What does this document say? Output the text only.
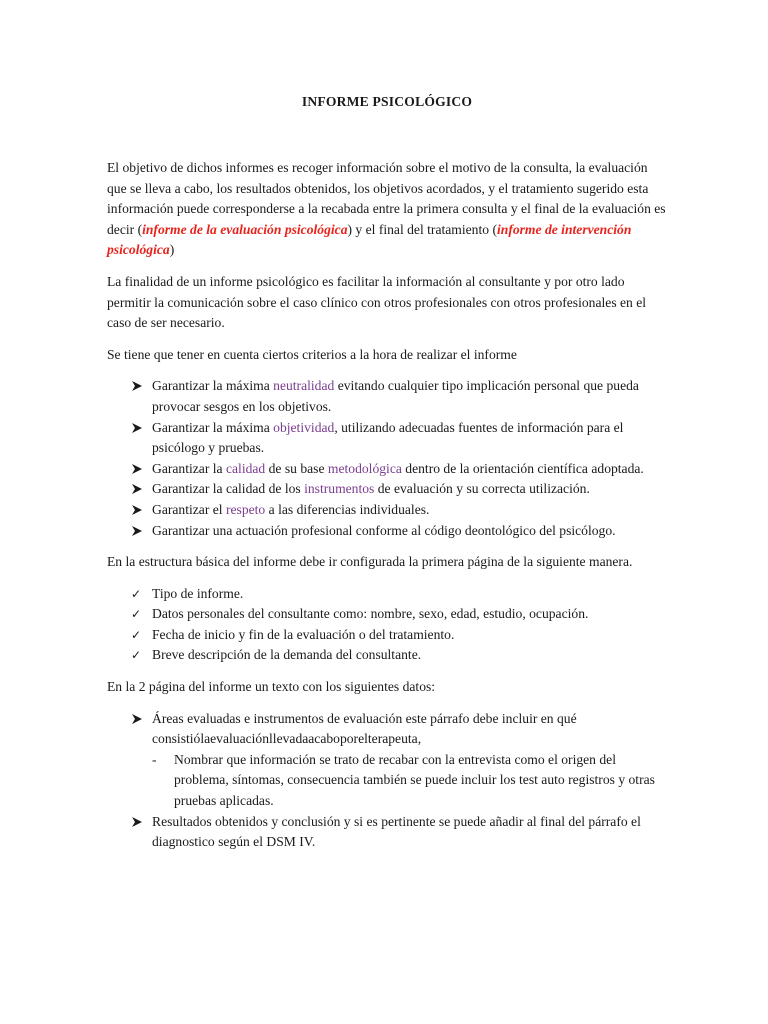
INFORME PSICOLÓGICO

El objetivo de dichos informes es recoger información sobre el motivo de la consulta, la evaluación que se lleva a cabo, los resultados obtenidos, los objetivos acordados, y el tratamiento sugerido esta información puede corresponderse a la recabada entre la primera consulta y el final de la evaluación es decir (informe de la evaluación psicológica) y el final del tratamiento (informe de intervención psicológica)

La finalidad de un informe psicológico es facilitar la información al consultante y por otro lado permitir la comunicación sobre el caso clínico con otros profesionales con otros profesionales en el caso de ser necesario.

Se tiene que tener en cuenta ciertos criterios a la hora de realizar el informe

Garantizar la máxima neutralidad evitando cualquier tipo implicación personal que pueda provocar sesgos en los objetivos.
Garantizar la máxima objetividad, utilizando adecuadas fuentes de información para el psicólogo y pruebas.
Garantizar la calidad de su base metodológica dentro de la orientación científica adoptada.
Garantizar la calidad de los instrumentos de evaluación y su correcta utilización.
Garantizar el respeto a las diferencias individuales.
Garantizar una actuación profesional conforme al código deontológico del psicólogo.

En la estructura básica del informe debe ir configurada la primera página de la siguiente manera.

✓ Tipo de informe.
✓ Datos personales del consultante como: nombre, sexo, edad, estudio, ocupación.
✓ Fecha de inicio y fin de la evaluación o del tratamiento.
✓ Breve descripción de la demanda del consultante.

En la 2 página del informe un texto con los siguientes datos:

Áreas evaluadas e instrumentos de evaluación este párrafo debe incluir en qué
consistiólaevaluaciónllevadaacaboporelterapeuta,
- Nombrar que información se trato de recabar con la entrevista como el origen del problema, síntomas, consecuencia también se puede incluir los test auto registros y otras pruebas aplicadas.
Resultados obtenidos y conclusión y si es pertinente se puede añadir al final del párrafo el diagnostico según el DSM IV.
